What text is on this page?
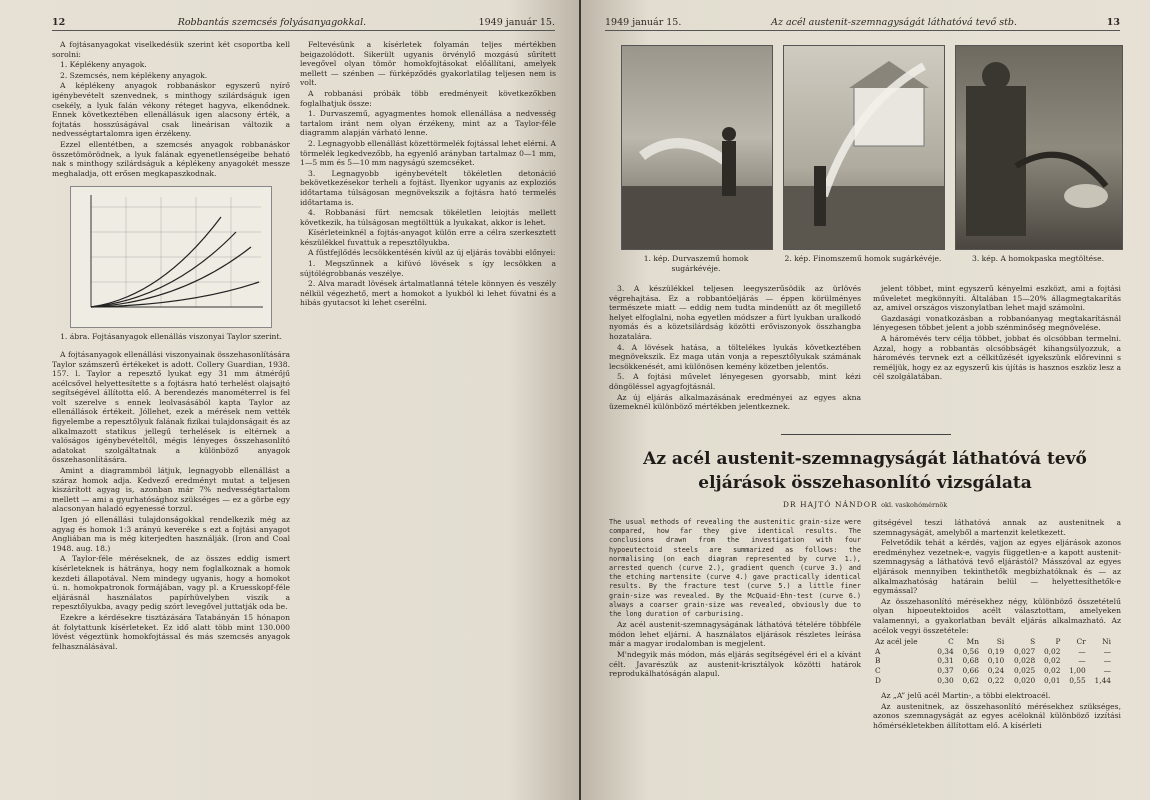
12	Robbantás szemcsés folyásanyagokkal.	1949 január 15.

A fojtásanyagokat viselkedésük szerint két csoportba kell sorolni:

1. Képlékeny anyagok.

2. Szemcsés, nem képlékeny anyagok.

A képlékeny anyagok robbanáskor egyszerű nyírő igénybevételt szenvednek, s minthogy szilárdságuk igen csekély, a lyuk falán vékony réteget hagyva, elkenődnek. Ennek következtében ellenállásuk igen alacsony érték, a fojtatás hosszúságával csak lineárisan változik a nedvességtartalomra igen érzékeny.

Ezzel ellentétben, a szemcsés anyagok robbanáskor összetömörödnek, a lyuk falának egyenetlenségeibe beható nak s minthogy szilárdságuk a képlékeny anyagokét messze meghaladja, ott erősen megkapaszkodnak.

1. ábra. Fojtásanyagok ellenállás viszonyai Taylor szerint.

A fojtásanyagok ellenállási viszonyainak összehasonlítására Taylor számszerű értékeket is adott. Collery Guardian, 1938. 157. l. Taylor a repesztő lyukat egy 31 mm átmérőjű acélcsővel helyettesítette s a fojtásra ható terhelést olajsajtó segítségével állította elő. A berendezés manométerrel is fel volt szerelve s ennek leolvasásából kapta Taylor az ellenállások értékeit. Jóllehet, ezek a mérések nem vették figyelembe a repesztőlyuk falának fizikai tulajdonságait és az alkalmazott statikus jellegű terhelések is eltérnek a valóságos igénybevételtől, mégis lényeges összehasonlító adatokat szolgáltatnak a különböző anyagok összehasonlítására.

Amint a diagrammból látjuk, legnagyobb ellenállást a száraz homok adja. Kedvező eredményt mutat a teljesen kiszárított agyag is, azonban már 7% nedvességtartalom mellett — ami a gyurhatósághoz szükséges — ez a görbe egy alacsonyan haladó egyenessé torzul.

Igen jó ellenállási tulajdonságokkal rendelkezik még az agyag és homok 1:3 arányú keveréke s ezt a fojtási anyagot Angliában ma is még kiterjedten használják. (Iron and Coal 1948. aug. 18.)

A Taylor-féle méréseknek, de az összes eddig ismert kísérleteknek is hátránya, hogy nem foglalkoznak a homok kezdeti állapotával. Nem mindegy ugyanis, hogy a homokot ú. n. homokpatronok formájában, vagy pl. a Kruesskopf-féle eljárásnál használatos papírhüvelyben viszik a repesztőlyukba, avagy pedig szórt levegővel juttatják oda be.

Ezekre a kérdésekre tisztázására Tatabányán 15 hónapon át folytattunk kísérleteket. Ez idő alatt több mint 130.000 lövést végeztünk homokfojtással és más szemcsés anyagok felhasználásával.

Feltevésünk a kísérletek folyamán teljes mértékben beigazolódott. Sikerült ugyanis örvénylő mozgású sűrített levegővel olyan tömör homokfojtásokat előállítani, amelyek mellett — szénben — fúrképződés gyakorlatilag teljesen nem is volt.

A robbanási próbák több eredményeit következőkben foglalhatjuk össze:

1. Durvaszemű, agyagmentes homok ellenállása a nedvesség tartalom iránt nem olyan érzékeny, mint az a Taylor-féle diagramm alapján várható lenne.

2. Legnagyobb ellenállást közettörmelék fojtással lehet elérni. A törmelék legkedvezőbb, ha egyenlő arányban tartalmaz 0—1 mm, 1—5 mm és 5—10 mm nagyságú szemcséket.

3. Legnagyobb igénybevételt tökéletlen detonáció bekövetkezésekor terheli a fojtást. Ilyenkor ugyanis az exploziós időtartama túlságosan megnövekszik a fojtásra ható termelés időtartama is.

4. Robbanási fűrt nemcsak tökéletlen leiojtás mellett következik, ha túlságosan megtölttük a lyukakat, akkor is lehet.

Kísérleteinknél a fojtás-anyagot külön erre a célra szerkesztett készülékkel fuvattuk a repesztőlyukba.

A fűstfejlődés lecsökkentésén kívül az új eljárás további előnyei:

1. Megszűnnek a kifúvó lövések s így lecsökken a sújtólégrobbanás veszélye.

2. Alva maradt lövések ártalmatlanná tétele könnyen és veszély nélkül végezhető, mert a homokot a lyukból ki lehet fúvatni és a hibás gyutacsot ki lehet cserélni.

1949 január 15.	Az acél austenit-szemnagyságát láthatóvá tevő stb.	13
1. kép. Durvaszemű homok sugárkévéje.
2. kép. Finomszemű homok sugárkévéje.	3. kép. A homokpaska megtöltése.

3. A készülékkel teljesen leegyszerűsödik az ürlövés végrehajtása. Ez a robbantóeljárás — éppen körülményes természete miatt — eddig nem tudta mindenütt az őt megillető helyet elfoglalni, noha egyetlen módszer a fúrt lyukban uralkodó nyomás és a közetsilárdság közötti erőviszonyok összhangba hozatalára.

4. A lövések hatása, a töltelékes lyukás következtében megnövekszik. Ez maga után vonja a repesztőlyukak számának lecsökkenését, ami különösen kemény közetben jelentős.

5. A fojtási művelet lényegesen gyorsabb, mint kézi döngöléssel agyagfojtásnál.

Az új eljárás alkalmazásának eredményei az egyes akna üzemeknél különböző mértékben jelentkeznek.

jelent többet, mint egyszerű kényelmi eszközt, ami a fojtási műveletet megkönnyíti. Általában 15—20% állagmegtakarítás az, amivel országos viszonylatban lehet majd számolni.

Gazdasági vonatkozásban a robbanóanyag megtakarításnál lényegesen többet jelent a jobb szénminőség megnövelése.

A háromévés terv célja többet, jobbat és olcsóbban termelni. Azzal, hogy a robbantás olcsóbbságét kihangsúlyozzuk, a háromévés tervnek ezt a célkitűzését igyekszünk előrevinni s reméljük, hogy ez az egyszerű kis újítás is hasznos eszköz lesz a cél szolgálatában.

Az acél austenit-szemnagyságát láthatóvá tevő eljárások összehasonlító vizsgálata
DR HAJTÓ NÁNDOR okl. vaskohómérnök

The usual methods of revealing the austenitic grain-size were compared, how far they give identical results. The conclusions drawn from the investigation with four hypoeutectoid steels are summarized as follows: the normalising (on each diagram represented by curve 1.), arrested quench (curve 2.), gradient quench (curve 3.) and the etching martensite (curve 4.) gave practically identical results. By the fracture test (curve 5.) a little finer grain-size was revealed. By the McQuaid-Ehn-test (curve 6.) always a coarser grain-size was revealed, obviously due to the long duration of carburising.

Az acél austenit-szemnagyságának láthatóvá tételére többféle módon lehet eljárni. A használatos eljárások részletes leírása már a magyar irodalomban is megjelent.

M'ndegyik más módon, más eljárás segítségével éri el a kívánt célt. Javarészük az austenit-krisztályok közötti határok reprodukálhatóságán alapul.

gitségével teszi láthatóvá annak az austenitnek a szemnagyságát, amelyből a martenzit keletkezett.

Felvetődik tehát a kérdés, vajjon az egyes eljárások azonos eredményhez vezetnek-e, vagyis független-e a kapott austenit-szemnagyság a láthatóvá tevő eljárástól? Másszóval az egyes eljárások mennyiben tekinthetők megbízhatóknak és — az alkalmazhatóság határain belül — helyettesíthetők-e egymással?

Az összehasonlító mérésekhez négy, különböző összetételű olyan hipoeutektoidos acélt választottam, amelyeken valamennyi, a gyakorlatban bevált eljárás alkalmazható. Az acélok vegyi összetétele:

Az acél jele	C	Mn	Si	S	P	Cr	Ni
A	0,34	0,56	0,19	0,027	0,02	—	—
B	0,31	0,68	0,10	0,028	0,02	—	—
C	0,37	0,66	0,24	0,025	0,02	1,00	—
D	0,30	0,62	0,22	0,020	0,01	0,55	1,44

Az „A” jelű acél Martin-, a többi elektroacél.

Az austenitnek, az összehasonlító mérésekhez szükséges, azonos szemnagyságát az egyes acéloknál különböző izzítási hőmérsékletekben állítottam elő. A kísérleti
